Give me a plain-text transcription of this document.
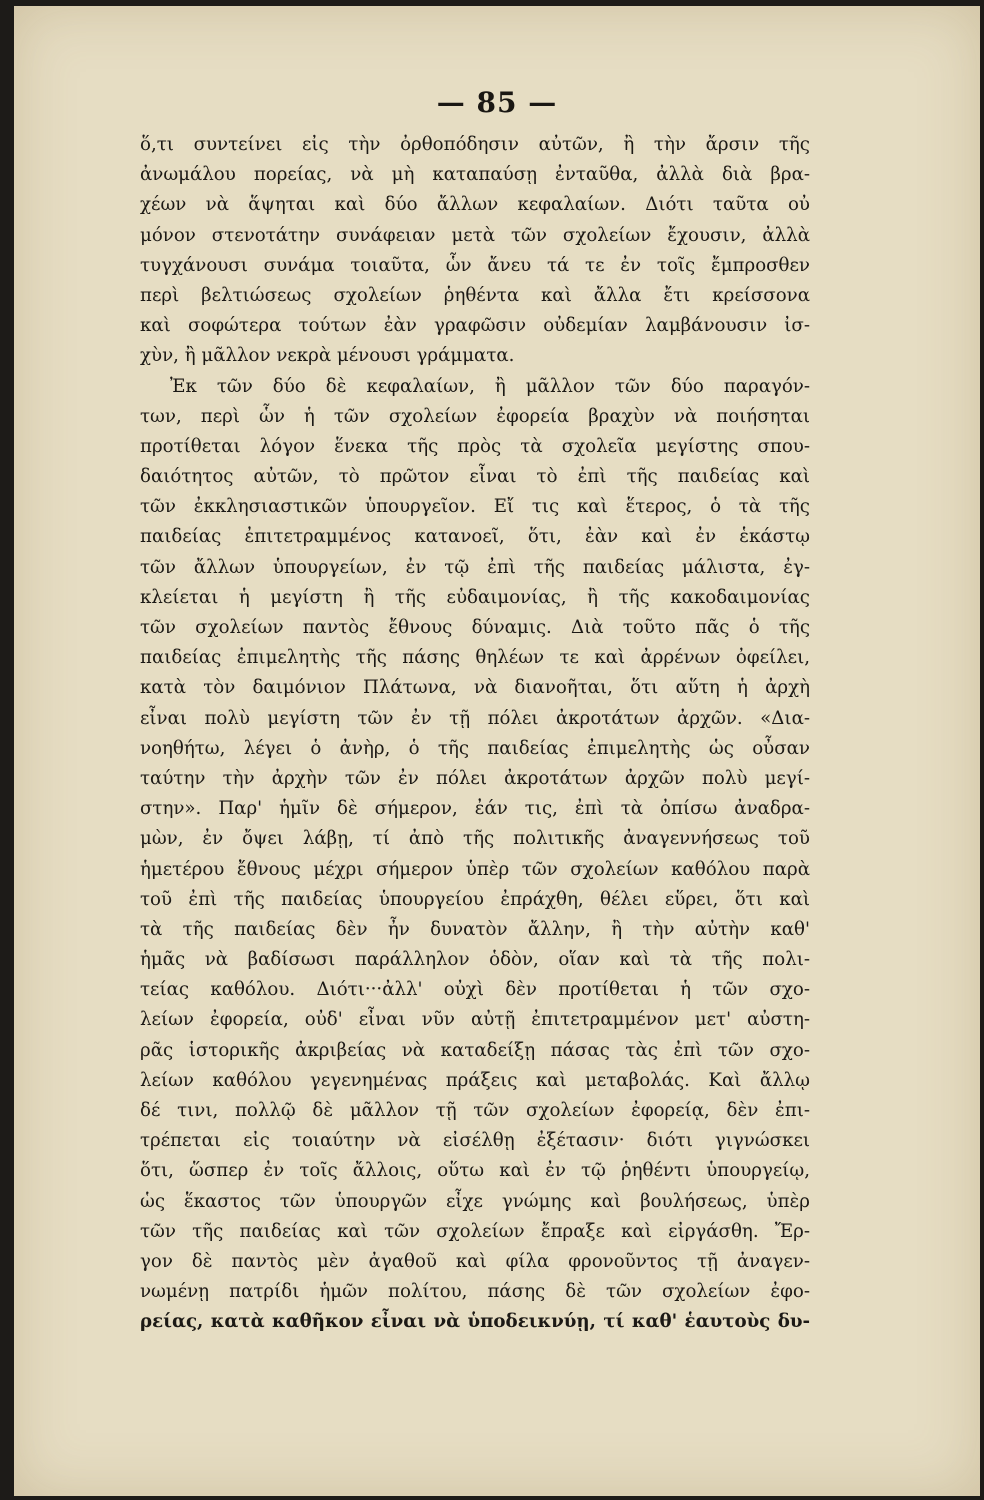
— 85 —
ὅ,τι συντείνει εἰς τὴν ὀρθοπόδησιν αὐτῶν, ἢ τὴν ἄρσιν τῆς
ἀνωμάλου πορείας, νὰ μὴ καταπαύσῃ ἐνταῦθα, ἀλλὰ διὰ βρα-
χέων νὰ ἅψηται καὶ δύο ἄλλων κεφαλαίων. Διότι ταῦτα οὐ
μόνον στενοτάτην συνάφειαν μετὰ τῶν σχολείων ἔχουσιν, ἀλλὰ
τυγχάνουσι συνάμα τοιαῦτα, ὧν ἄνευ τά τε ἐν τοῖς ἔμπροσθεν
περὶ βελτιώσεως σχολείων ῥηθέντα καὶ ἄλλα ἔτι κρείσσονα
καὶ σοφώτερα τούτων ἐὰν γραφῶσιν οὐδεμίαν λαμβάνουσιν ἰσ-
χὺν, ἢ μᾶλλον νεκρὰ μένουσι γράμματα.
Ἐκ τῶν δύο δὲ κεφαλαίων, ἢ μᾶλλον τῶν δύο παραγόν-
των, περὶ ὧν ἡ τῶν σχολείων ἐφορεία βραχὺν νὰ ποιήσηται
προτίθεται λόγον ἕνεκα τῆς πρὸς τὰ σχολεῖα μεγίστης σπου-
δαιότητος αὐτῶν, τὸ πρῶτον εἶναι τὸ ἐπὶ τῆς παιδείας καὶ
τῶν ἐκκλησιαστικῶν ὑπουργεῖον. Εἴ τις καὶ ἕτερος, ὁ τὰ τῆς
παιδείας ἐπιτετραμμένος κατανοεῖ, ὅτι, ἐὰν καὶ ἐν ἑκάστῳ
τῶν ἄλλων ὑπουργείων, ἐν τῷ ἐπὶ τῆς παιδείας μάλιστα, ἐγ-
κλείεται ἡ μεγίστη ἢ τῆς εὐδαιμονίας, ἢ τῆς κακοδαιμονίας
τῶν σχολείων παντὸς ἔθνους δύναμις. Διὰ τοῦτο πᾶς ὁ τῆς
παιδείας ἐπιμελητὴς τῆς πάσης θηλέων τε καὶ ἀρρένων ὀφείλει,
κατὰ τὸν δαιμόνιον Πλάτωνα, νὰ διανοῆται, ὅτι αὕτη ἡ ἀρχὴ
εἶναι πολὺ μεγίστη τῶν ἐν τῇ πόλει ἀκροτάτων ἀρχῶν. «Δια-
νοηθήτω, λέγει ὁ ἀνὴρ, ὁ τῆς παιδείας ἐπιμελητὴς ὡς οὖσαν
ταύτην τὴν ἀρχὴν τῶν ἐν πόλει ἀκροτάτων ἀρχῶν πολὺ μεγί-
στην». Παρ' ἡμῖν δὲ σήμερον, ἐάν τις, ἐπὶ τὰ ὀπίσω ἀναδρα-
μὼν, ἐν ὄψει λάβῃ, τί ἀπὸ τῆς πολιτικῆς ἀναγεννήσεως τοῦ
ἡμετέρου ἔθνους μέχρι σήμερον ὑπὲρ τῶν σχολείων καθόλου παρὰ
τοῦ ἐπὶ τῆς παιδείας ὑπουργείου ἐπράχθη, θέλει εὕρει, ὅτι καὶ
τὰ τῆς παιδείας δὲν ἦν δυνατὸν ἄλλην, ἢ τὴν αὐτὴν καθ'
ἡμᾶς νὰ βαδίσωσι παράλληλον ὁδὸν, οἵαν καὶ τὰ τῆς πολι-
τείας καθόλου. Διότι···ἀλλ' οὐχὶ δὲν προτίθεται ἡ τῶν σχο-
λείων ἐφορεία, οὐδ' εἶναι νῦν αὐτῇ ἐπιτετραμμένον μετ' αὐστη-
ρᾶς ἱστορικῆς ἀκριβείας νὰ καταδείξῃ πάσας τὰς ἐπὶ τῶν σχο-
λείων καθόλου γεγενημένας πράξεις καὶ μεταβολάς. Καὶ ἄλλῳ
δέ τινι, πολλῷ δὲ μᾶλλον τῇ τῶν σχολείων ἐφορείᾳ, δὲν ἐπι-
τρέπεται εἰς τοιαύτην νὰ εἰσέλθῃ ἐξέτασιν· διότι γιγνώσκει
ὅτι, ὥσπερ ἐν τοῖς ἄλλοις, οὕτω καὶ ἐν τῷ ῥηθέντι ὑπουργείῳ,
ὡς ἕκαστος τῶν ὑπουργῶν εἶχε γνώμης καὶ βουλήσεως, ὑπὲρ
τῶν τῆς παιδείας καὶ τῶν σχολείων ἔπραξε καὶ εἰργάσθη. Ἔρ-
γον δὲ παντὸς μὲν ἀγαθοῦ καὶ φίλα φρονοῦντος τῇ ἀναγεν-
νωμένῃ πατρίδι ἡμῶν πολίτου, πάσης δὲ τῶν σχολείων ἐφο-
ρείας, κατὰ καθῆκον εἶναι νὰ ὑποδεικνύῃ, τί καθ' ἑαυτοὺς δυ-
